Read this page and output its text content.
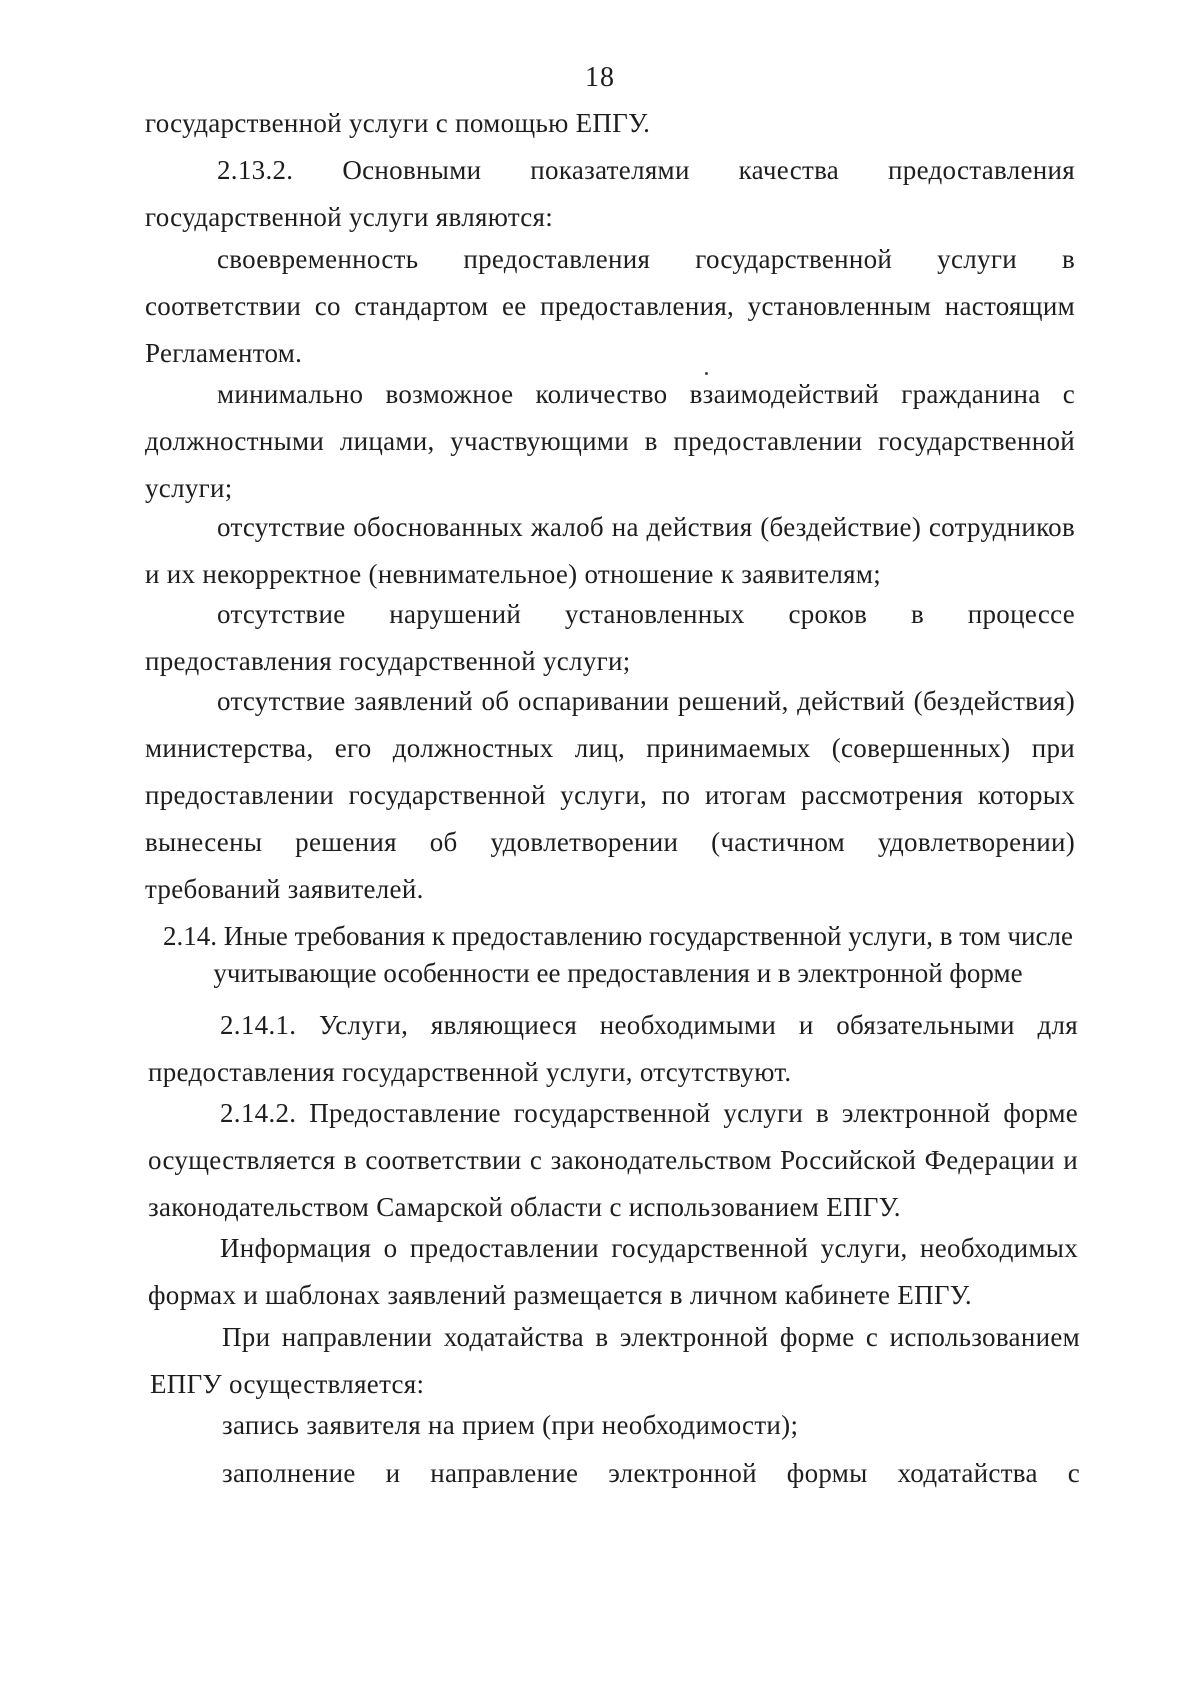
18
государственной услуги с помощью ЕПГУ.
2.13.2. Основными показателями качества предоставления государственной услуги являются:
своевременность предоставления государственной услуги в соответствии со стандартом ее предоставления, установленным настоящим Регламентом.
минимально возможное количество взаимодействий гражданина с должностными лицами, участвующими в предоставлении государственной услуги;
отсутствие обоснованных жалоб на действия (бездействие) сотрудников и их некорректное (невнимательное) отношение к заявителям;
отсутствие нарушений установленных сроков в процессе предоставления государственной услуги;
отсутствие заявлений об оспаривании решений, действий (бездействия) министерства, его должностных лиц, принимаемых (совершенных) при предоставлении государственной услуги, по итогам рассмотрения которых вынесены решения об удовлетворении (частичном удовлетворении) требований заявителей.
2.14. Иные требования к предоставлению государственной услуги, в том числе учитывающие особенности ее предоставления и в электронной форме
2.14.1. Услуги, являющиеся необходимыми и обязательными для предоставления государственной услуги, отсутствуют.
2.14.2. Предоставление государственной услуги в электронной форме осуществляется в соответствии с законодательством Российской Федерации и законодательством Самарской области с использованием ЕПГУ.
Информация о предоставлении государственной услуги, необходимых формах и шаблонах заявлений размещается в личном кабинете ЕПГУ.
При направлении ходатайства в электронной форме с использованием ЕПГУ осуществляется:
запись заявителя на прием (при необходимости);
заполнение и направление электронной формы ходатайства с
